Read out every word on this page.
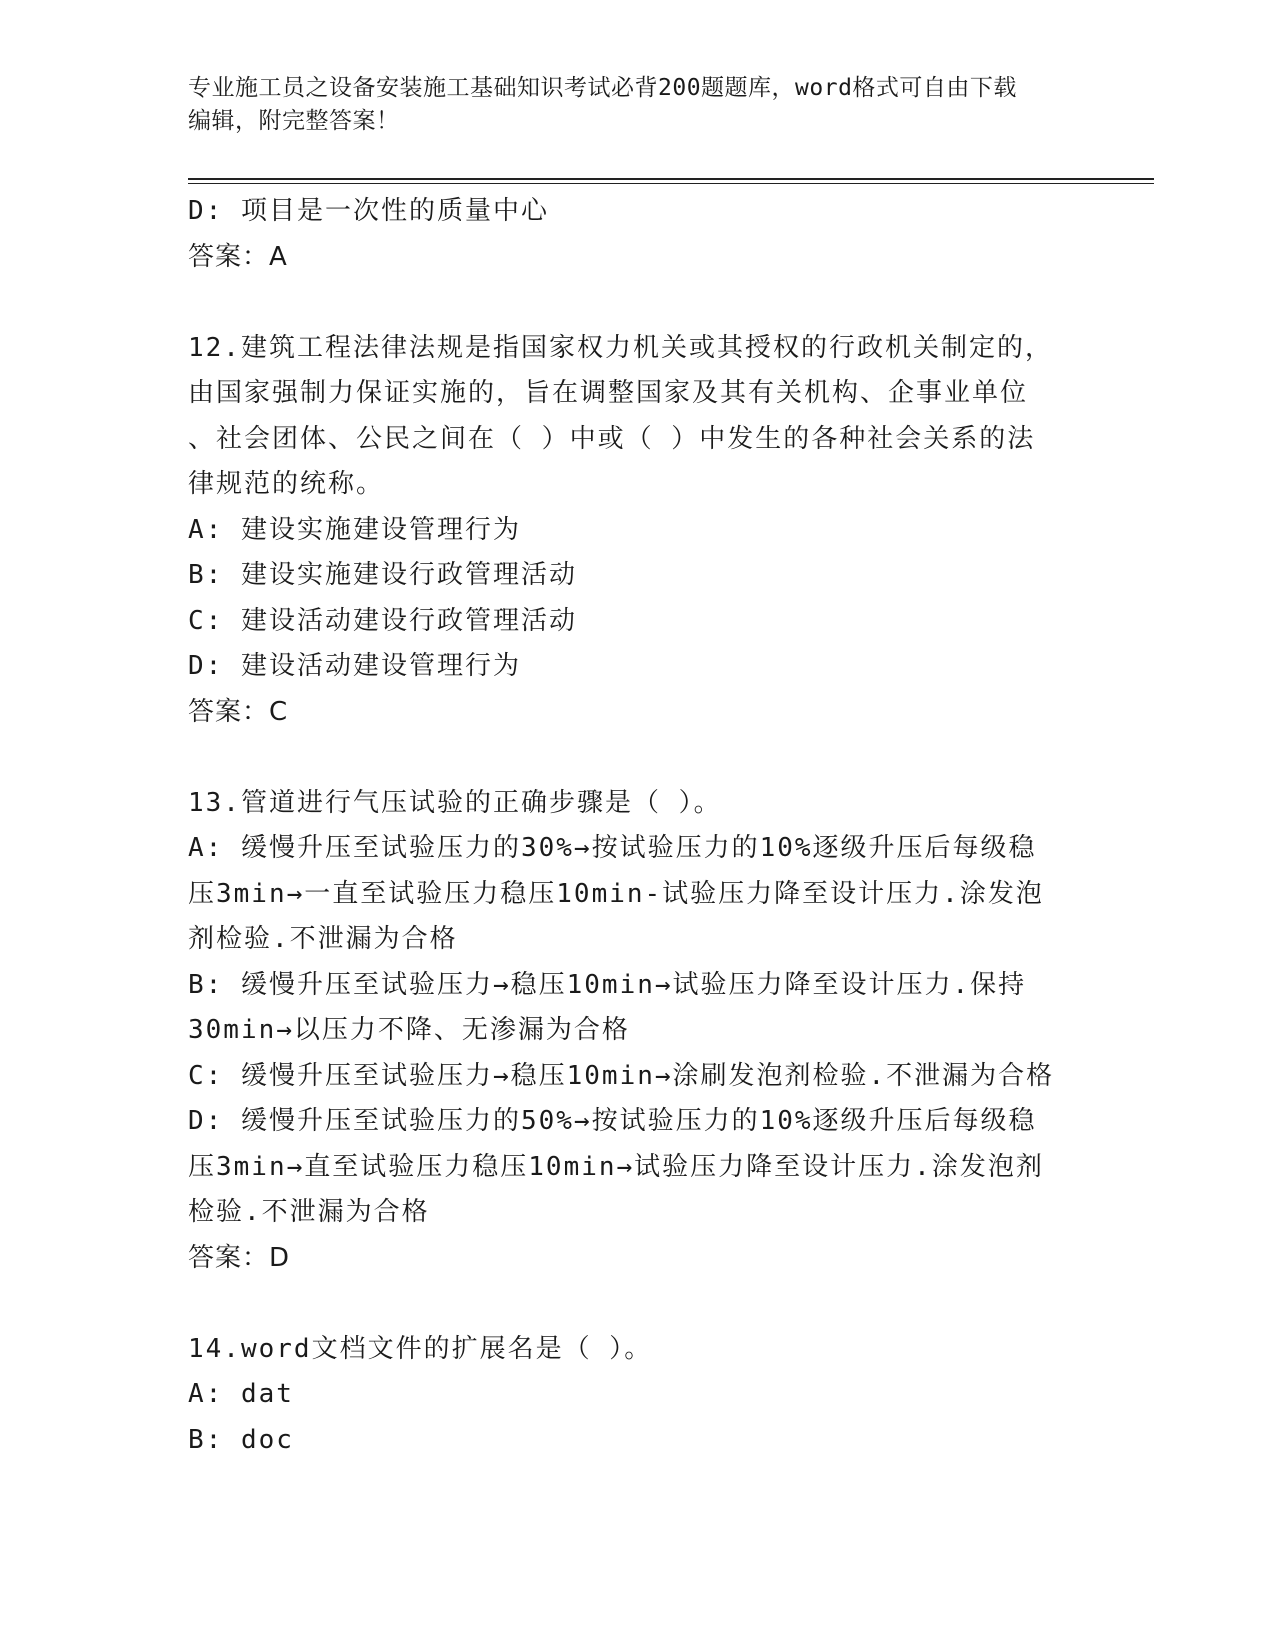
专业施工员之设备安装施工基础知识考试必背200题题库，word格式可自由下载
编辑，附完整答案！
D: 项目是一次性的质量中心
答案：A
12.建筑工程法律法规是指国家权力机关或其授权的行政机关制定的，
由国家强制力保证实施的，旨在调整国家及其有关机构、企事业单位
、社会团体、公民之间在（ ）中或（ ）中发生的各种社会关系的法
律规范的统称。
A: 建设实施建设管理行为
B: 建设实施建设行政管理活动
C: 建设活动建设行政管理活动
D: 建设活动建设管理行为
答案：C
13.管道进行气压试验的正确步骤是（ ）。
A: 缓慢升压至试验压力的30%→按试验压力的10%逐级升压后每级稳
压3min→一直至试验压力稳压10min-试验压力降至设计压力.涂发泡
剂检验.不泄漏为合格
B: 缓慢升压至试验压力→稳压10min→试验压力降至设计压力.保持
30min→以压力不降、无渗漏为合格
C: 缓慢升压至试验压力→稳压10min→涂刷发泡剂检验.不泄漏为合格
D: 缓慢升压至试验压力的50%→按试验压力的10%逐级升压后每级稳
压3min→直至试验压力稳压10min→试验压力降至设计压力.涂发泡剂
检验.不泄漏为合格
答案：D
14.word文档文件的扩展名是（ ）。
A: dat
B: doc
